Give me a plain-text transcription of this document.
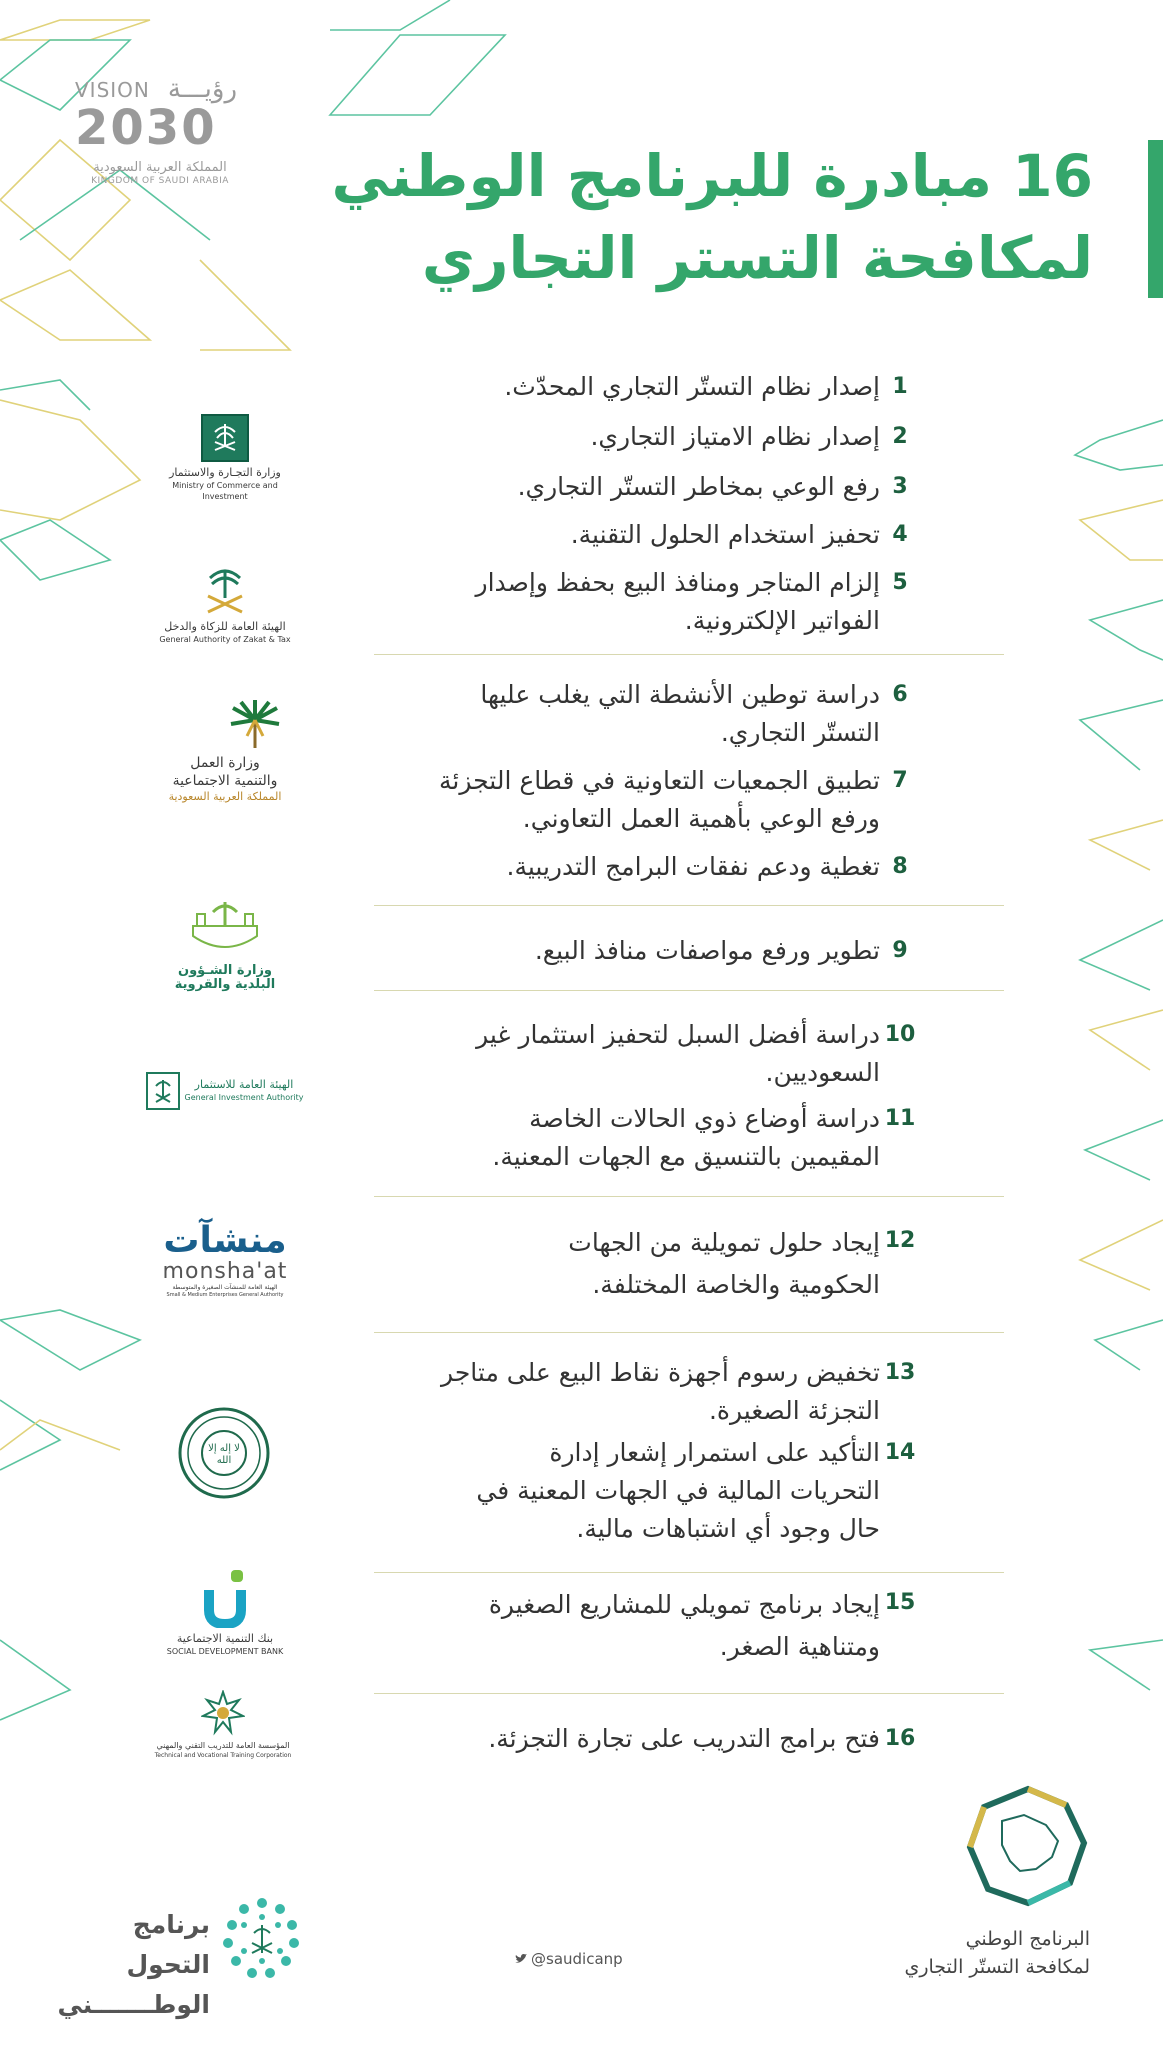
VISION رؤيـــة
2030
المملكة العربية السعودية
KINGDOM OF SAUDI ARABIA	16 مبادرة للبرنامج الوطني
لمكافحة التستر التجاري
1
إصدار نظام التستّر التجاري المحدّث.
2
إصدار نظام الامتياز التجاري.
3
رفع الوعي بمخاطر التستّر التجاري.
4
تحفيز استخدام الحلول التقنية.
5
إلزام المتاجر ومنافذ البيع بحفظ وإصدار الفواتير الإلكترونية.
6
دراسة توطين الأنشطة التي يغلب عليها التستّر التجاري.
7
تطبيق الجمعيات التعاونية في قطاع التجزئة ورفع الوعي بأهمية العمل التعاوني.
8
تغطية ودعم نفقات البرامج التدريبية.
9
تطوير ورفع مواصفات منافذ البيع.
10
دراسة أفضل السبل لتحفيز استثمار غير السعوديين.
11
دراسة أوضاع ذوي الحالات الخاصة المقيمين بالتنسيق مع الجهات المعنية.
12
إيجاد حلول تمويلية من الجهات الحكومية والخاصة المختلفة.
13
تخفيض رسوم أجهزة نقاط البيع على متاجر التجزئة الصغيرة.
14
التأكيد على استمرار إشعار إدارة التحريات المالية في الجهات المعنية في حال وجود أي اشتباهات مالية.
15
إيجاد برنامج تمويلي للمشاريع الصغيرة ومتناهية الصغر.
16
فتح برامج التدريب على تجارة التجزئة.
وزارة التجـارة والاستثمار
Ministry of Commerce and Investment
الهيئة العامة للزكاة والدخل
General Authority of Zakat & Tax
وزارة العمل
والتنمية الاجتماعية
المملكة العربية السعودية
وزارة الشـؤون
البلدية والقروية
الهيئة العامة للاستثمار
General Investment Authority
منشآت
monsha'at
الهيئة العامة للمنشآت الصغيرة والمتوسطة
Small & Medium Enterprises General Authority
لا إله إلا الله
بنك التنمية الاجتماعية
SOCIAL DEVELOPMENT BANK
المؤسسة العامة للتدريب التقني والمهني
Technical and Vocational Training Corporation
برنامج التحول
الوطـــــــني
@saudicanp
البرنامج الوطني
لمكافحة التستّر التجاري
